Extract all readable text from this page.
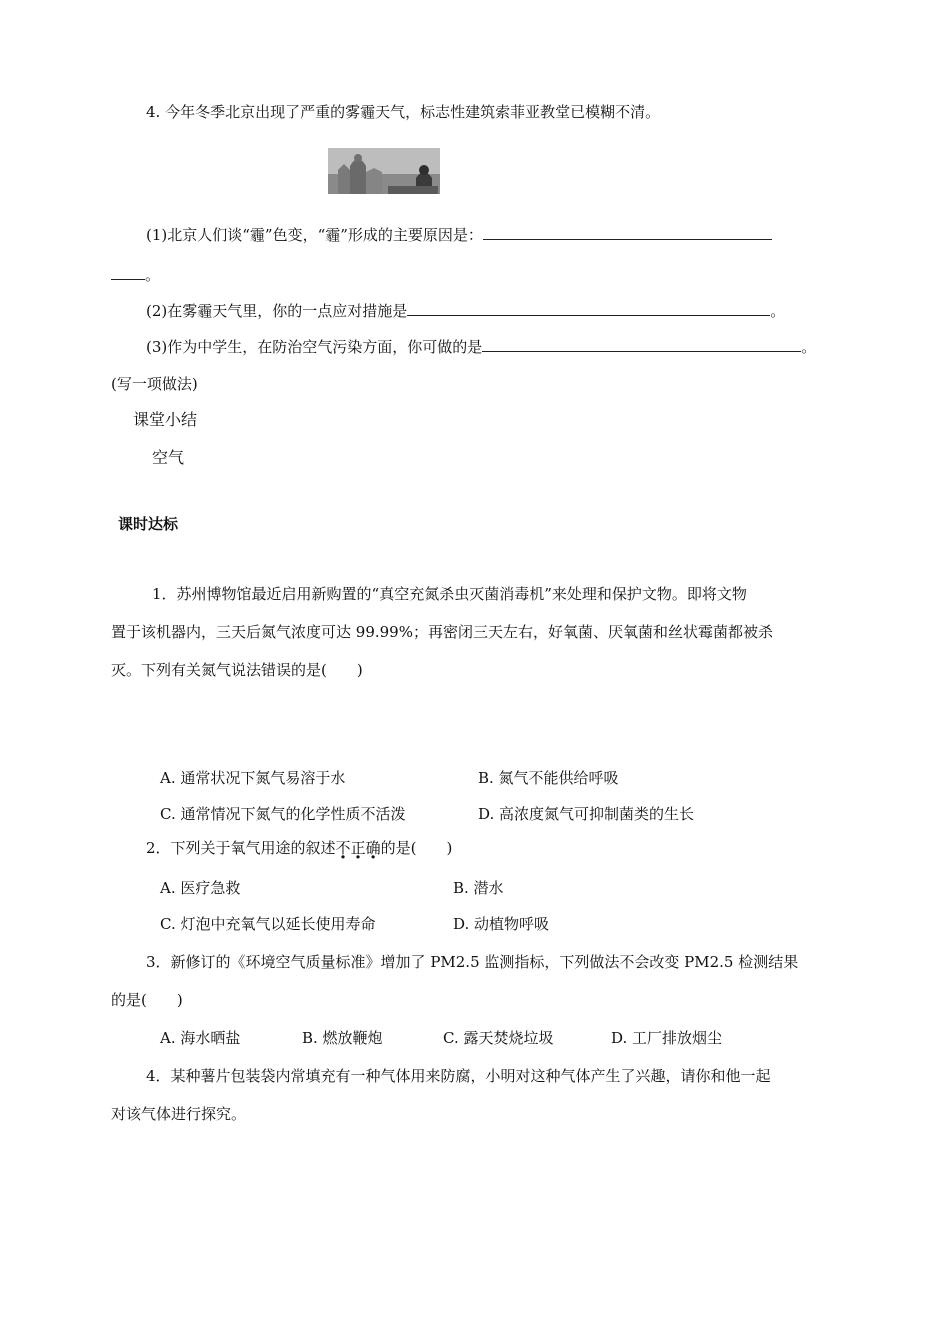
4. 今年冬季北京出现了严重的雾霾天气，标志性建筑索菲亚教堂已模糊不清。
(1)北京人们谈“霾”色变，“霾”形成的主要原因是：
。
(2)在雾霾天气里，你的一点应对措施是	。
(3)作为中学生，在防治空气污染方面，你可做的是	。
(写一项做法)
课堂小结
空气
课时达标
1．苏州博物馆最近启用新购置的“真空充氮杀虫灭菌消毒机”来处理和保护文物。即将文物
置于该机器内，三天后氮气浓度可达 99.99%；再密闭三天左右，好氧菌、厌氧菌和丝状霉菌都被杀
灭。下列有关氮气说法错误的是(　　)
A. 通常状况下氮气易溶于水	B. 氮气不能供给呼吸
C. 通常情况下氮气的化学性质不活泼	D. 高浓度氮气可抑制菌类的生长
2．下列关于氧气用途的叙述不正确的是(　　)
A. 医疗急救	B. 潜水
C. 灯泡中充氧气以延长使用寿命	D. 动植物呼吸
3．新修订的《环境空气质量标准》增加了 PM2.5 监测指标，下列做法不会改变 PM2.5 检测结果
的是(　　)
A. 海水晒盐	B. 燃放鞭炮	C. 露天焚烧垃圾	D. 工厂排放烟尘
4．某种薯片包装袋内常填充有一种气体用来防腐，小明对这种气体产生了兴趣，请你和他一起
对该气体进行探究。
